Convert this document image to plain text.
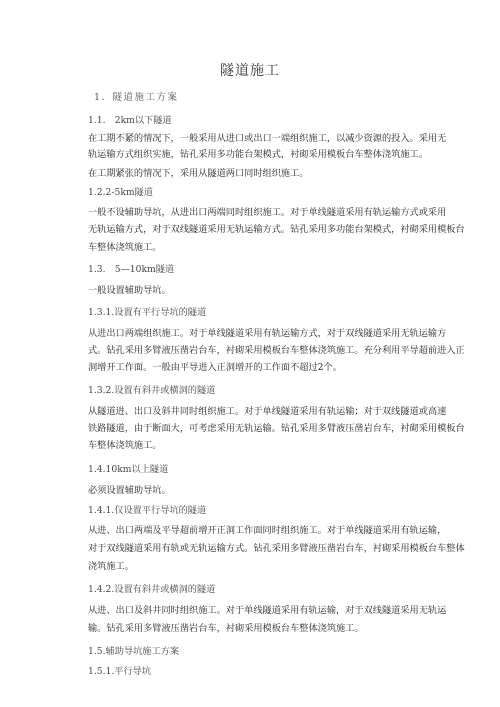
隧道施工
1．隧道施工方案
1.1.　2km以下隧道
在工期不紧的情况下，一般采用从进口或出口一端组织施工，以减少资源的投入。采用无
轨运输方式组织实施，钻孔采用多功能台架模式，衬砌采用模板台车整体浇筑施工。
在工期紧张的情况下，采用从隧道两口同时组织施工。
1.2.2-5km隧道
一般不设辅助导坑，从进出口两端同时组织施工。对于单线隧道采用有轨运输方式或采用
无轨运输方式，对于双线隧道采用无轨运输方式。钻孔采用多功能台架模式，衬砌采用模板台
车整体浇筑施工。
1.3.　5—10km隧道
一般设置辅助导坑。
1.3.1.设置有平行导坑的隧道
从进出口两端组织施工。对于单线隧道采用有轨运输方式，对于双线隧道采用无轨运输方
式。钻孔采用多臂液压凿岩台车，衬砌采用模板台车整体浇筑施工。充分利用平导超前进入正
洞增开工作面。一般由平导进入正洞增开的工作面不超过2个。
1.3.2.设置有斜井或横洞的隧道
从隧道进、出口及斜井同时组织施工。对于单线隧道采用有轨运输；对于双线隧道或高速
铁路隧道，由于断面大，可考虑采用无轨运输。钻孔采用多臂液压凿岩台车，衬砌采用模板台
车整体浇筑施工。
1.4.10km以上隧道
必须设置辅助导坑。
1.4.1.仅设置平行导坑的隧道
从进、出口两端及平导超前增开正洞工作面同时组织施工。对于单线隧道采用有轨运输，
对于双线隧道采用有轨或无轨运输方式。钻孔采用多臂液压凿岩台车，衬砌采用模板台车整体
浇筑施工。
1.4.2.设置有斜井或横洞的隧道
从进、出口及斜井同时组织施工。对于单线隧道采用有轨运输，对于双线隧道采用无轨运
输。钻孔采用多臂液压凿岩台车，衬砌采用模板台车整体浇筑施工。
1.5.辅助导坑施工方案
1.5.1.平行导坑
